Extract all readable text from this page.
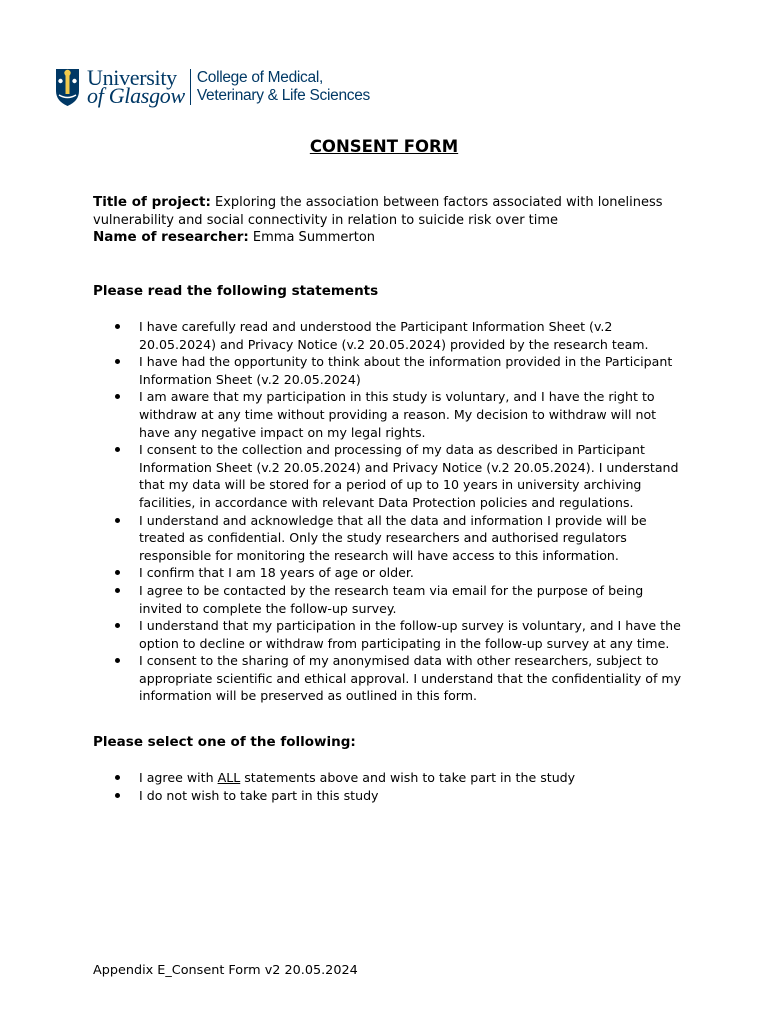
University
of Glasgow
College of Medical,
Veterinary & Life Sciences
CONSENT FORM
Title of project: Exploring the association between factors associated with loneliness
vulnerability and social connectivity in relation to suicide risk over time
Name of researcher: Emma Summerton
Please read the following statements
I have carefully read and understood the Participant Information Sheet (v.2 20.05.2024) and Privacy Notice (v.2 20.05.2024) provided by the research team.
I have had the opportunity to think about the information provided in the Participant Information Sheet (v.2 20.05.2024)
I am aware that my participation in this study is voluntary, and I have the right to withdraw at any time without providing a reason. My decision to withdraw will not have any negative impact on my legal rights.
I consent to the collection and processing of my data as described in Participant Information Sheet (v.2 20.05.2024) and Privacy Notice (v.2 20.05.2024). I understand that my data will be stored for a period of up to 10 years in university archiving facilities, in accordance with relevant Data Protection policies and regulations.
I understand and acknowledge that all the data and information I provide will be treated as confidential. Only the study researchers and authorised regulators responsible for monitoring the research will have access to this information.
I confirm that I am 18 years of age or older.
I agree to be contacted by the research team via email for the purpose of being invited to complete the follow-up survey.
I understand that my participation in the follow-up survey is voluntary, and I have the option to decline or withdraw from participating in the follow-up survey at any time.
I consent to the sharing of my anonymised data with other researchers, subject to appropriate scientific and ethical approval. I understand that the confidentiality of my information will be preserved as outlined in this form.
Please select one of the following:
I agree with ALL statements above and wish to take part in the study
I do not wish to take part in this study
Appendix E_Consent Form v2 20.05.2024
